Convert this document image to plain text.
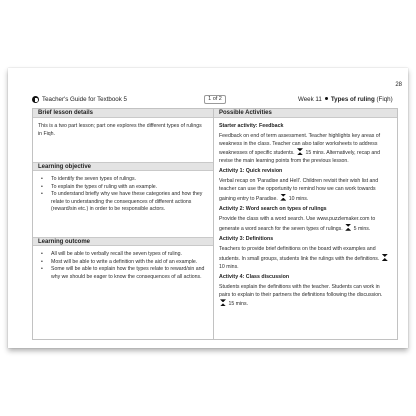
28
Teacher's Guide for Textbook 5	1 of 2	Week 11 Types of ruling (Fiqh)
Brief lesson details
This is a two part lesson; part one explores the different types of rulings in Fiqh.
Learning objective
• To identify the seven types of rulings.
• To explain the types of ruling with an example.
• To understand briefly why we have these categories and how they relate to understanding the consequences of different actions (reward/sin etc.) in order to be responsible actors.
Learning outcome
• All will be able to verbally recall the seven types of ruling.
• Most will be able to write a definition with the aid of an example.
• Some will be able to explain how the types relate to reward/sin and why we should be eager to know the consequences of all actions.
Possible Activities
Starter activity: Feedback
Feedback on end of term assessment. Teacher highlights key areas of weakness in the class. Teacher can also tailor worksheets to address weaknesses of specific students. 15 mins. Alternatively, recap and revise the main learning points from the previous lesson.
Activity 1: Quick revision
Verbal recap on 'Paradise and Hell'. Children revisit their wish list and teacher can use the opportunity to remind how we can work towards gaining entry to Paradise. 10 mins.
Activity 2: Word search on types of rulings
Provide the class with a word search. Use www.puzzlemaker.com to generate a word search for the seven types of rulings. 5 mins.
Activity 3: Definitions
Teachers to provide brief definitions on the board with examples and students. In small groups, students link the rulings with the definitions.  10 mins.
Activity 4: Class discussion
Students explain the definitions with the teacher. Students can work in pairs to explain to their partners the definitions following the discussion.  15 mins.
